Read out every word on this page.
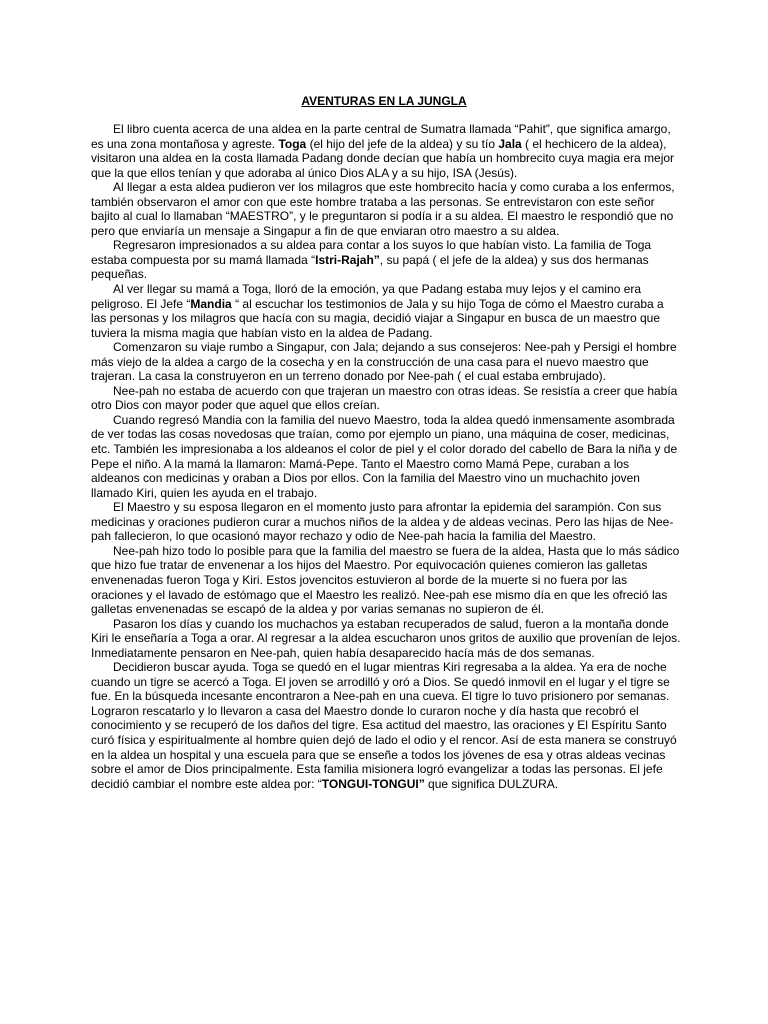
AVENTURAS EN LA JUNGLA

El libro cuenta acerca de una aldea en la parte central de Sumatra llamada “Pahit”, que significa amargo, es una zona montañosa y agreste. Toga (el hijo del jefe de la aldea) y su tío Jala ( el hechicero de la aldea), visitaron una aldea en la costa llamada Padang donde decían que había un hombrecito cuya magia era mejor que la que ellos tenían y que adoraba al único Dios ALA y a su hijo, ISA (Jesús).

Al llegar a esta aldea pudieron ver los milagros que este hombrecito hacía y como curaba a los enfermos, también observaron el amor con que este hombre trataba a las personas. Se entrevistaron con este señor bajito al cual lo llamaban “MAESTRO”, y le preguntaron si podía ir a su aldea. El maestro le respondió que no pero que enviaría un mensaje a Singapur a fin de que enviaran otro maestro a su aldea.

Regresaron impresionados a su aldea para contar a los suyos lo que habían visto. La familia de Toga estaba compuesta por su mamá llamada “Istri-Rajah”, su papá ( el jefe de la aldea) y sus dos hermanas pequeñas.

Al ver llegar su mamá a Toga, lloró de la emoción, ya que Padang estaba muy lejos y el camino era peligroso. El Jefe “Mandia “ al escuchar los testimonios de Jala y su hijo Toga de cómo el Maestro curaba a las personas y los milagros que hacía con su magia, decidió viajar a Singapur en busca de un maestro que tuviera la misma magia que habían visto en la aldea de Padang.

Comenzaron su viaje rumbo a Singapur, con Jala; dejando a sus consejeros: Nee-pah y Persigi el hombre más viejo de la aldea a cargo de la cosecha y en la construcción de una casa para el nuevo maestro que trajeran. La casa la construyeron en un terreno donado por Nee-pah ( el cual estaba embrujado).

Nee-pah no estaba de acuerdo con que trajeran un maestro con otras ideas. Se resistía a creer que había otro Dios con mayor poder que aquel que ellos creían.

Cuando regresó Mandia con la familia del nuevo Maestro, toda la aldea quedó inmensamente asombrada de ver todas las cosas novedosas que traían, como por ejemplo un piano, una máquina de coser, medicinas, etc. También les impresionaba a los aldeanos el color de piel y el color dorado del cabello de Bara la niña y de Pepe el niño. A la mamá la llamaron: Mamá-Pepe. Tanto el Maestro como Mamá Pepe, curaban a los aldeanos con medicinas y oraban a Dios por ellos. Con la familia del Maestro vino un muchachito joven llamado Kiri, quien les ayuda en el trabajo.

El Maestro y su esposa llegaron en el momento justo para afrontar la epidemia del sarampión. Con sus medicinas y oraciones pudieron curar a muchos niños de la aldea y de aldeas vecinas. Pero las hijas de Nee-pah fallecieron, lo que ocasionó mayor rechazo y odio de Nee-pah hacia la familia del Maestro.

Nee-pah hizo todo lo posible para que la familia del maestro se fuera de la aldea, Hasta que lo más sádico que hizo fue tratar de envenenar a los hijos del Maestro. Por equivocación quienes comieron las galletas envenenadas fueron Toga y Kiri. Estos jovencitos estuvieron al borde de la muerte si no fuera por las oraciones y el lavado de estómago que el Maestro les realizó. Nee-pah ese mismo día en que les ofreció las galletas envenenadas se escapó de la aldea y por varias semanas no supieron de él.

Pasaron los días y cuando los muchachos ya estaban recuperados de salud, fueron a la montaña donde Kiri le enseñaría a Toga a orar. Al regresar a la aldea escucharon unos gritos de auxilio que provenían de lejos. Inmediatamente pensaron en Nee-pah, quien había desaparecido hacía más de dos semanas.

Decidieron buscar ayuda. Toga se quedó en el lugar mientras Kiri regresaba a la aldea. Ya era de noche cuando un tigre se acercó a Toga. El joven se arrodilló y oró a Dios. Se quedó inmovil en el lugar y el tigre se fue. En la búsqueda incesante encontraron a Nee-pah en una cueva. El tigre lo tuvo prisionero por semanas. Lograron rescatarlo y lo llevaron a casa del Maestro donde lo curaron noche y día hasta que recobró el conocimiento y se recuperó de los daños del tigre. Esa actitud del maestro, las oraciones y El Espíritu Santo curó física y espiritualmente al hombre quien dejó de lado el odio y el rencor. Así de esta manera se construyó en la aldea un hospital y una escuela para que se enseñe a todos los jóvenes de esa y otras aldeas vecinas sobre el amor de Dios principalmente. Esta familia misionera logró evangelizar a todas las personas. El jefe decidió cambiar el nombre este aldea por: “TONGUI-TONGUI” que significa DULZURA.
